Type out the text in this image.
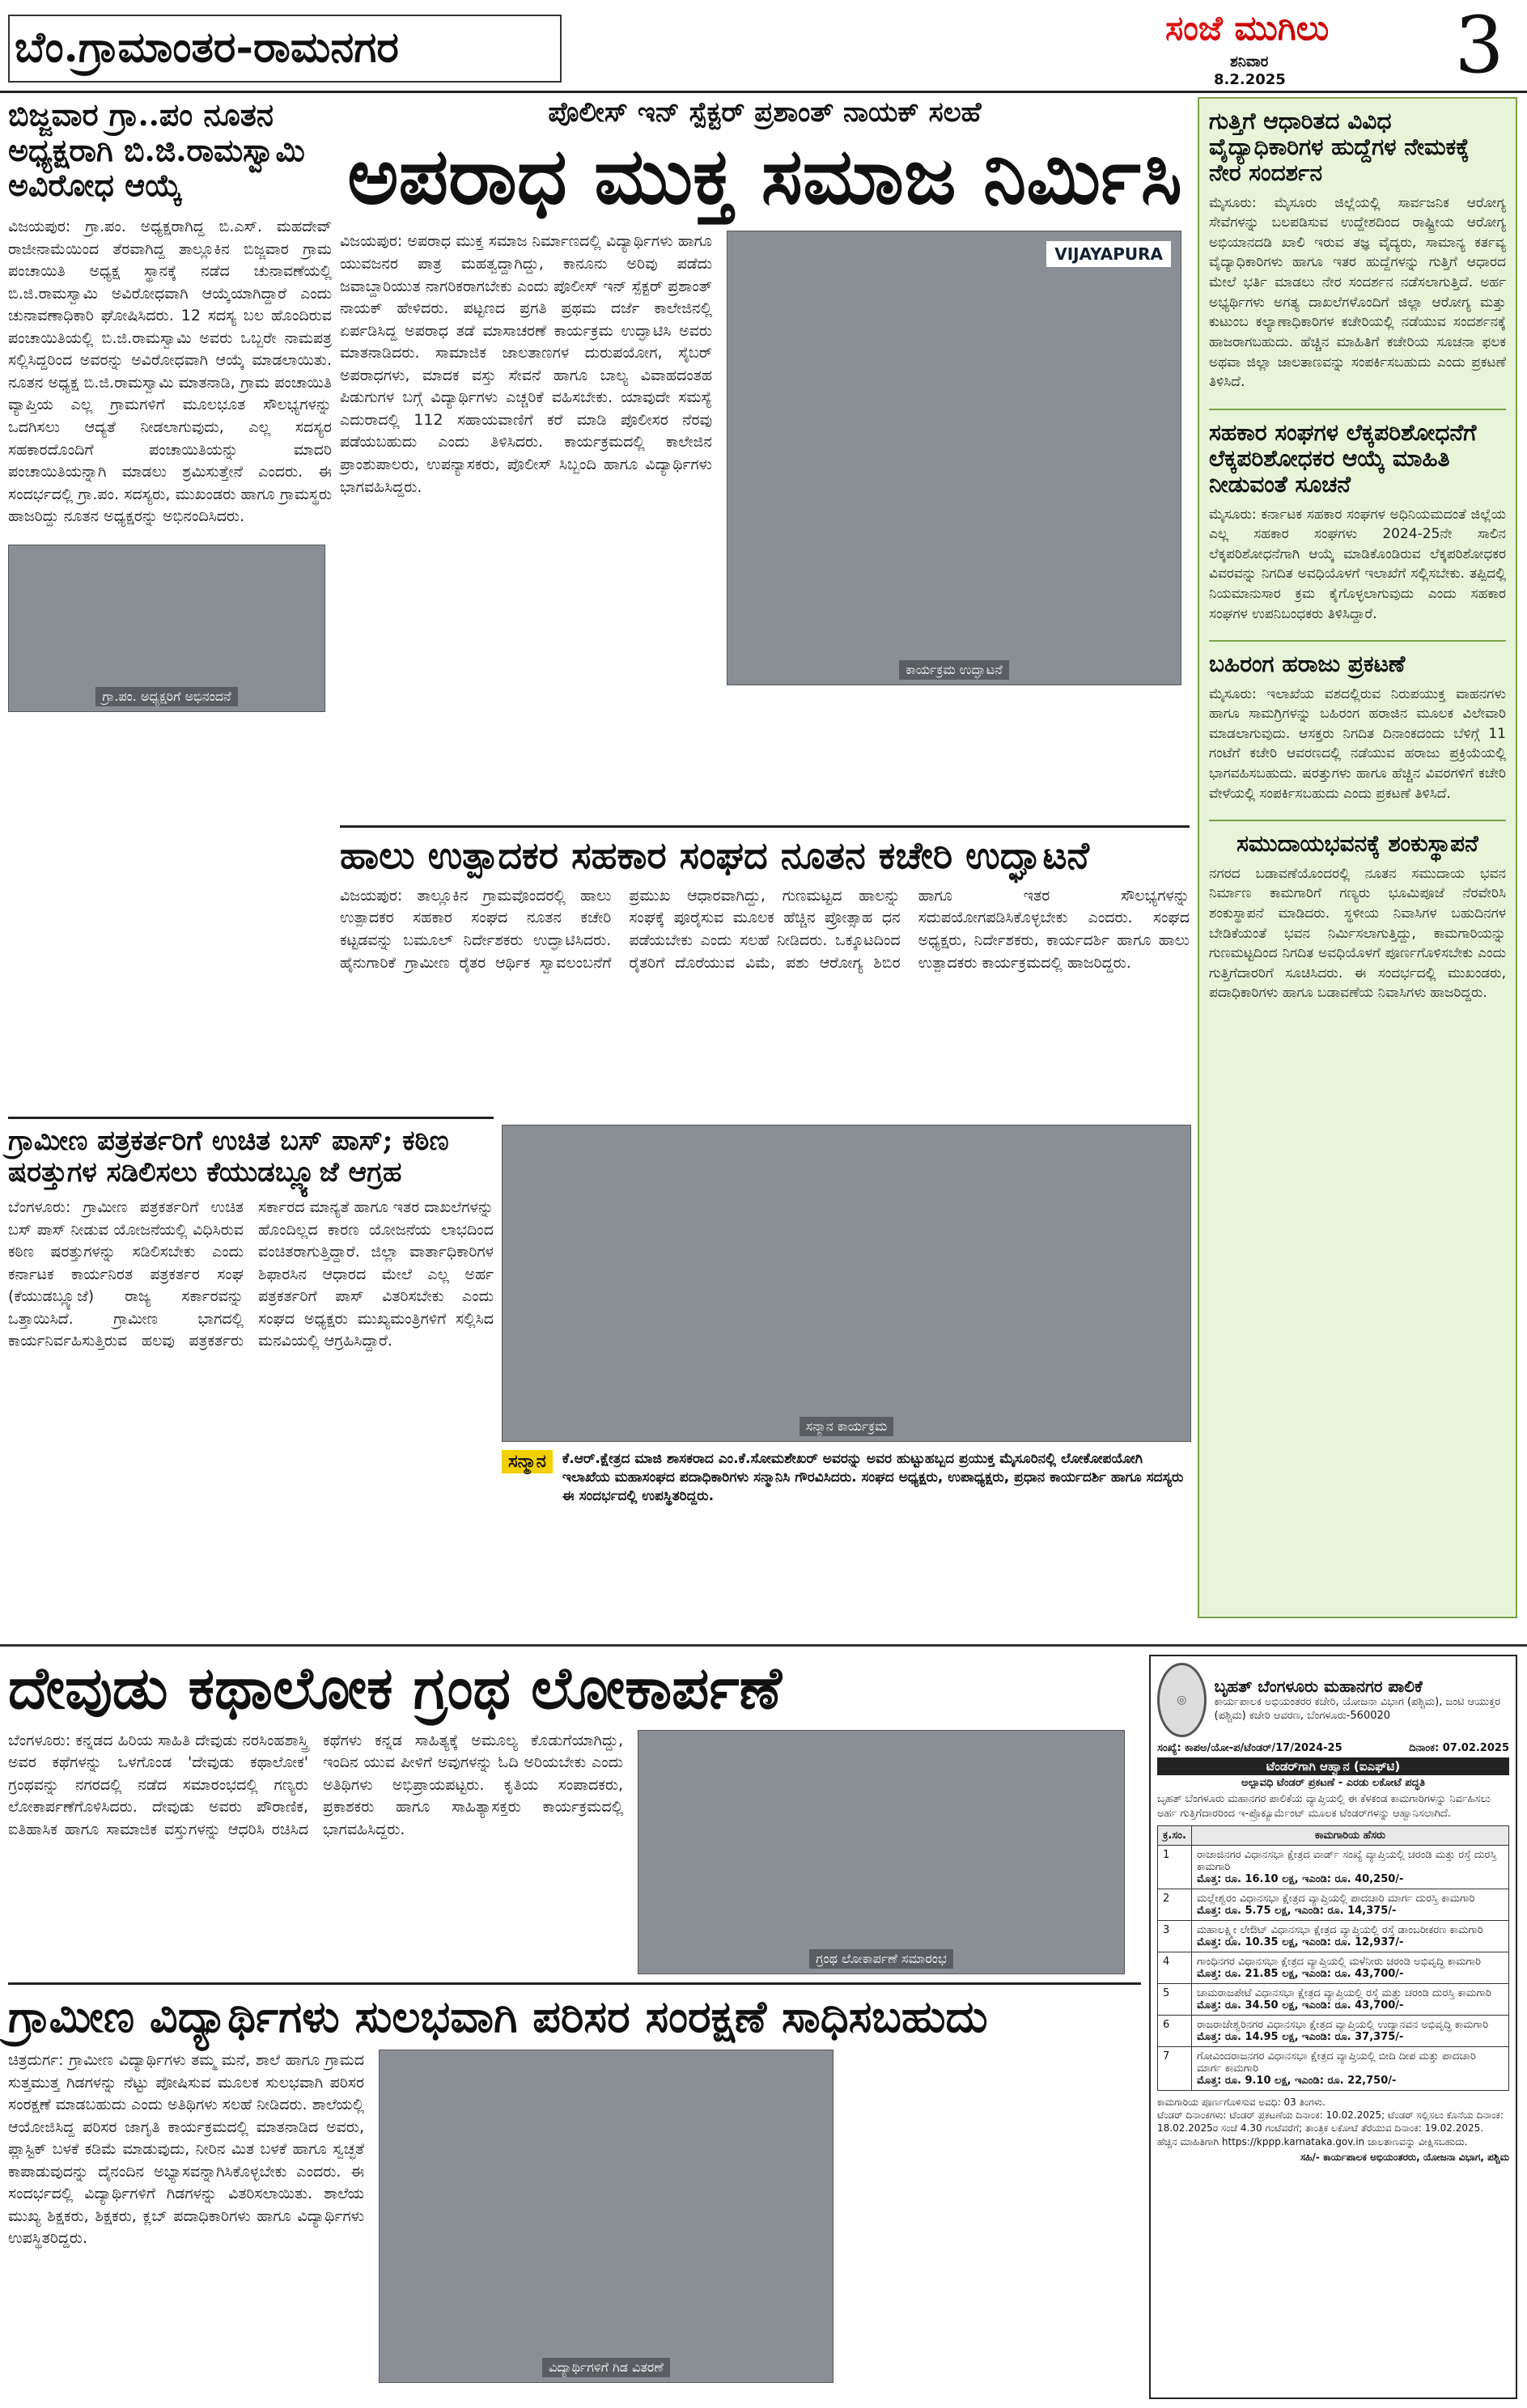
ಬೆಂ.ಗ್ರಾಮಾಂತರ-ರಾಮನಗರ	ಸಂಜೆ ಮುಗಿಲು
ಶನಿವಾರ
8.2.2025 3
ಬಿಜ್ಜವಾರ ಗ್ರಾ..ಪಂ ನೂತನ ಅಧ್ಯಕ್ಷರಾಗಿ ಬಿ.ಜಿ.ರಾಮಸ್ವಾಮಿ ಅವಿರೋಧ ಆಯ್ಕೆ
ವಿಜಯಪುರ: ಗ್ರಾ.ಪಂ. ಅಧ್ಯಕ್ಷರಾಗಿದ್ದ ಬಿ.ಎಸ್. ಮಹದೇವ್ ರಾಜೀನಾಮೆಯಿಂದ ತೆರವಾಗಿದ್ದ ತಾಲ್ಲೂಕಿನ ಬಿಜ್ಜವಾರ ಗ್ರಾಮ ಪಂಚಾಯಿತಿ ಅಧ್ಯಕ್ಷ ಸ್ಥಾನಕ್ಕೆ ನಡೆದ ಚುನಾವಣೆಯಲ್ಲಿ ಬಿ.ಜಿ.ರಾಮಸ್ವಾಮಿ ಅವಿರೋಧವಾಗಿ ಆಯ್ಕೆಯಾಗಿದ್ದಾರೆ ಎಂದು ಚುನಾವಣಾಧಿಕಾರಿ ಘೋಷಿಸಿದರು. 12 ಸದಸ್ಯ ಬಲ ಹೊಂದಿರುವ ಪಂಚಾಯಿತಿಯಲ್ಲಿ ಬಿ.ಜಿ.ರಾಮಸ್ವಾಮಿ ಅವರು ಒಬ್ಬರೇ ನಾಮಪತ್ರ ಸಲ್ಲಿಸಿದ್ದರಿಂದ ಅವರನ್ನು ಅವಿರೋಧವಾಗಿ ಆಯ್ಕೆ ಮಾಡಲಾಯಿತು. ನೂತನ ಅಧ್ಯಕ್ಷ ಬಿ.ಜಿ.ರಾಮಸ್ವಾಮಿ ಮಾತನಾಡಿ, ಗ್ರಾಮ ಪಂಚಾಯಿತಿ ವ್ಯಾಪ್ತಿಯ ಎಲ್ಲ ಗ್ರಾಮಗಳಿಗೆ ಮೂಲಭೂತ ಸೌಲಭ್ಯಗಳನ್ನು ಒದಗಿಸಲು ಆದ್ಯತೆ ನೀಡಲಾಗುವುದು, ಎಲ್ಲ ಸದಸ್ಯರ ಸಹಕಾರದೊಂದಿಗೆ ಪಂಚಾಯಿತಿಯನ್ನು ಮಾದರಿ ಪಂಚಾಯಿತಿಯನ್ನಾಗಿ ಮಾಡಲು ಶ್ರಮಿಸುತ್ತೇನೆ ಎಂದರು. ಈ ಸಂದರ್ಭದಲ್ಲಿ ಗ್ರಾ.ಪಂ. ಸದಸ್ಯರು, ಮುಖಂಡರು ಹಾಗೂ ಗ್ರಾಮಸ್ಥರು ಹಾಜರಿದ್ದು ನೂತನ ಅಧ್ಯಕ್ಷರನ್ನು ಅಭಿನಂದಿಸಿದರು.
ಗ್ರಾ.ಪಂ. ಅಧ್ಯಕ್ಷರಿಗೆ ಅಭಿನಂದನೆ
ಪೊಲೀಸ್ ಇನ್ ಸ್ಪೆಕ್ಟರ್ ಪ್ರಶಾಂತ್ ನಾಯಕ್ ಸಲಹೆ
ಅಪರಾಧ ಮುಕ್ತ ಸಮಾಜ ನಿರ್ಮಿಸಿ
ವಿಜಯಪುರ: ಅಪರಾಧ ಮುಕ್ತ ಸಮಾಜ ನಿರ್ಮಾಣದಲ್ಲಿ ವಿದ್ಯಾರ್ಥಿಗಳು ಹಾಗೂ ಯುವಜನರ ಪಾತ್ರ ಮಹತ್ವದ್ದಾಗಿದ್ದು, ಕಾನೂನು ಅರಿವು ಪಡೆದು ಜವಾಬ್ದಾರಿಯುತ ನಾಗರಿಕರಾಗಬೇಕು ಎಂದು ಪೊಲೀಸ್ ಇನ್ ಸ್ಪೆಕ್ಟರ್ ಪ್ರಶಾಂತ್ ನಾಯಕ್ ಹೇಳಿದರು. ಪಟ್ಟಣದ ಪ್ರಗತಿ ಪ್ರಥಮ ದರ್ಜೆ ಕಾಲೇಜಿನಲ್ಲಿ ಏರ್ಪಡಿಸಿದ್ದ ಅಪರಾಧ ತಡೆ ಮಾಸಾಚರಣೆ ಕಾರ್ಯಕ್ರಮ ಉದ್ಘಾಟಿಸಿ ಅವರು ಮಾತನಾಡಿದರು. ಸಾಮಾಜಿಕ ಜಾಲತಾಣಗಳ ದುರುಪಯೋಗ, ಸೈಬರ್ ಅಪರಾಧಗಳು, ಮಾದಕ ವಸ್ತು ಸೇವನೆ ಹಾಗೂ ಬಾಲ್ಯ ವಿವಾಹದಂತಹ ಪಿಡುಗುಗಳ ಬಗ್ಗೆ ವಿದ್ಯಾರ್ಥಿಗಳು ಎಚ್ಚರಿಕೆ ವಹಿಸಬೇಕು. ಯಾವುದೇ ಸಮಸ್ಯೆ ಎದುರಾದಲ್ಲಿ 112 ಸಹಾಯವಾಣಿಗೆ ಕರೆ ಮಾಡಿ ಪೊಲೀಸರ ನೆರವು ಪಡೆಯಬಹುದು ಎಂದು ತಿಳಿಸಿದರು. ಕಾರ್ಯಕ್ರಮದಲ್ಲಿ ಕಾಲೇಜಿನ ಪ್ರಾಂಶುಪಾಲರು, ಉಪನ್ಯಾಸಕರು, ಪೊಲೀಸ್ ಸಿಬ್ಬಂದಿ ಹಾಗೂ ವಿದ್ಯಾರ್ಥಿಗಳು ಭಾಗವಹಿಸಿದ್ದರು.
VIJAYAPURA
ಕಾರ್ಯಕ್ರಮ ಉದ್ಘಾಟನೆ
ಹಾಲು ಉತ್ಪಾದಕರ ಸಹಕಾರ ಸಂಘದ ನೂತನ ಕಚೇರಿ ಉದ್ಘಾಟನೆ
ವಿಜಯಪುರ: ತಾಲ್ಲೂಕಿನ ಗ್ರಾಮವೊಂದರಲ್ಲಿ ಹಾಲು ಉತ್ಪಾದಕರ ಸಹಕಾರ ಸಂಘದ ನೂತನ ಕಚೇರಿ ಕಟ್ಟಡವನ್ನು ಬಮೂಲ್ ನಿರ್ದೇಶಕರು ಉದ್ಘಾಟಿಸಿದರು. ಹೈನುಗಾರಿಕೆ ಗ್ರಾಮೀಣ ರೈತರ ಆರ್ಥಿಕ ಸ್ವಾವಲಂಬನೆಗೆ ಪ್ರಮುಖ ಆಧಾರವಾಗಿದ್ದು, ಗುಣಮಟ್ಟದ ಹಾಲನ್ನು ಸಂಘಕ್ಕೆ ಪೂರೈಸುವ ಮೂಲಕ ಹೆಚ್ಚಿನ ಪ್ರೋತ್ಸಾಹ ಧನ ಪಡೆಯಬೇಕು ಎಂದು ಸಲಹೆ ನೀಡಿದರು. ಒಕ್ಕೂಟದಿಂದ ರೈತರಿಗೆ ದೊರೆಯುವ ವಿಮೆ, ಪಶು ಆರೋಗ್ಯ ಶಿಬಿರ ಹಾಗೂ ಇತರ ಸೌಲಭ್ಯಗಳನ್ನು ಸದುಪಯೋಗಪಡಿಸಿಕೊಳ್ಳಬೇಕು ಎಂದರು. ಸಂಘದ ಅಧ್ಯಕ್ಷರು, ನಿರ್ದೇಶಕರು, ಕಾರ್ಯದರ್ಶಿ ಹಾಗೂ ಹಾಲು ಉತ್ಪಾದಕರು ಕಾರ್ಯಕ್ರಮದಲ್ಲಿ ಹಾಜರಿದ್ದರು.
ಗ್ರಾಮೀಣ ಪತ್ರಕರ್ತರಿಗೆ ಉಚಿತ ಬಸ್ ಪಾಸ್; ಕಠಿಣ ಷರತ್ತುಗಳ ಸಡಿಲಿಸಲು ಕೆಯುಡಬ್ಲ್ಯೂಜೆ ಆಗ್ರಹ
ಬೆಂಗಳೂರು: ಗ್ರಾಮೀಣ ಪತ್ರಕರ್ತರಿಗೆ ಉಚಿತ ಬಸ್ ಪಾಸ್ ನೀಡುವ ಯೋಜನೆಯಲ್ಲಿ ವಿಧಿಸಿರುವ ಕಠಿಣ ಷರತ್ತುಗಳನ್ನು ಸಡಿಲಿಸಬೇಕು ಎಂದು ಕರ್ನಾಟಕ ಕಾರ್ಯನಿರತ ಪತ್ರಕರ್ತರ ಸಂಘ (ಕೆಯುಡಬ್ಲ್ಯೂಜೆ) ರಾಜ್ಯ ಸರ್ಕಾರವನ್ನು ಒತ್ತಾಯಿಸಿದೆ. ಗ್ರಾಮೀಣ ಭಾಗದಲ್ಲಿ ಕಾರ್ಯನಿರ್ವಹಿಸುತ್ತಿರುವ ಹಲವು ಪತ್ರಕರ್ತರು ಸರ್ಕಾರದ ಮಾನ್ಯತೆ ಹಾಗೂ ಇತರ ದಾಖಲೆಗಳನ್ನು ಹೊಂದಿಲ್ಲದ ಕಾರಣ ಯೋಜನೆಯ ಲಾಭದಿಂದ ವಂಚಿತರಾಗುತ್ತಿದ್ದಾರೆ. ಜಿಲ್ಲಾ ವಾರ್ತಾಧಿಕಾರಿಗಳ ಶಿಫಾರಸಿನ ಆಧಾರದ ಮೇಲೆ ಎಲ್ಲ ಅರ್ಹ ಪತ್ರಕರ್ತರಿಗೆ ಪಾಸ್ ವಿತರಿಸಬೇಕು ಎಂದು ಸಂಘದ ಅಧ್ಯಕ್ಷರು ಮುಖ್ಯಮಂತ್ರಿಗಳಿಗೆ ಸಲ್ಲಿಸಿದ ಮನವಿಯಲ್ಲಿ ಆಗ್ರಹಿಸಿದ್ದಾರೆ.
ಸನ್ಮಾನ ಕಾರ್ಯಕ್ರಮ
ಸನ್ಮಾನ	ಕೆ.ಆರ್.ಕ್ಷೇತ್ರದ ಮಾಜಿ ಶಾಸಕರಾದ ಎಂ.ಕೆ.ಸೋಮಶೇಖರ್ ಅವರನ್ನು ಅವರ ಹುಟ್ಟುಹಬ್ಬದ ಪ್ರಯುಕ್ತ ಮೈಸೂರಿನಲ್ಲಿ ಲೋಕೋಪಯೋಗಿ ಇಲಾಖೆಯ ಮಹಾಸಂಘದ ಪದಾಧಿಕಾರಿಗಳು ಸನ್ಮಾನಿಸಿ ಗೌರವಿಸಿದರು. ಸಂಘದ ಅಧ್ಯಕ್ಷರು, ಉಪಾಧ್ಯಕ್ಷರು, ಪ್ರಧಾನ ಕಾರ್ಯದರ್ಶಿ ಹಾಗೂ ಸದಸ್ಯರು ಈ ಸಂದರ್ಭದಲ್ಲಿ ಉಪಸ್ಥಿತರಿದ್ದರು.
ಗುತ್ತಿಗೆ ಆಧಾರಿತದ ವಿವಿಧ ವೈದ್ಯಾಧಿಕಾರಿಗಳ ಹುದ್ದೆಗಳ ನೇಮಕಕ್ಕೆ ನೇರ ಸಂದರ್ಶನ
ಮೈಸೂರು: ಮೈಸೂರು ಜಿಲ್ಲೆಯಲ್ಲಿ ಸಾರ್ವಜನಿಕ ಆರೋಗ್ಯ ಸೇವೆಗಳನ್ನು ಬಲಪಡಿಸುವ ಉದ್ದೇಶದಿಂದ ರಾಷ್ಟ್ರೀಯ ಆರೋಗ್ಯ ಅಭಿಯಾನದಡಿ ಖಾಲಿ ಇರುವ ತಜ್ಞ ವೈದ್ಯರು, ಸಾಮಾನ್ಯ ಕರ್ತವ್ಯ ವೈದ್ಯಾಧಿಕಾರಿಗಳು ಹಾಗೂ ಇತರ ಹುದ್ದೆಗಳನ್ನು ಗುತ್ತಿಗೆ ಆಧಾರದ ಮೇಲೆ ಭರ್ತಿ ಮಾಡಲು ನೇರ ಸಂದರ್ಶನ ನಡೆಸಲಾಗುತ್ತಿದೆ. ಅರ್ಹ ಅಭ್ಯರ್ಥಿಗಳು ಅಗತ್ಯ ದಾಖಲೆಗಳೊಂದಿಗೆ ಜಿಲ್ಲಾ ಆರೋಗ್ಯ ಮತ್ತು ಕುಟುಂಬ ಕಲ್ಯಾಣಾಧಿಕಾರಿಗಳ ಕಚೇರಿಯಲ್ಲಿ ನಡೆಯುವ ಸಂದರ್ಶನಕ್ಕೆ ಹಾಜರಾಗಬಹುದು. ಹೆಚ್ಚಿನ ಮಾಹಿತಿಗೆ ಕಚೇರಿಯ ಸೂಚನಾ ಫಲಕ ಅಥವಾ ಜಿಲ್ಲಾ ಜಾಲತಾಣವನ್ನು ಸಂಪರ್ಕಿಸಬಹುದು ಎಂದು ಪ್ರಕಟಣೆ ತಿಳಿಸಿದೆ.
ಸಹಕಾರ ಸಂಘಗಳ ಲೆಕ್ಕಪರಿಶೋಧನೆಗೆ ಲೆಕ್ಕಪರಿಶೋಧಕರ ಆಯ್ಕೆ ಮಾಹಿತಿ ನೀಡುವಂತೆ ಸೂಚನೆ
ಮೈಸೂರು: ಕರ್ನಾಟಕ ಸಹಕಾರ ಸಂಘಗಳ ಅಧಿನಿಯಮದಂತೆ ಜಿಲ್ಲೆಯ ಎಲ್ಲ ಸಹಕಾರ ಸಂಘಗಳು 2024-25ನೇ ಸಾಲಿನ ಲೆಕ್ಕಪರಿಶೋಧನೆಗಾಗಿ ಆಯ್ಕೆ ಮಾಡಿಕೊಂಡಿರುವ ಲೆಕ್ಕಪರಿಶೋಧಕರ ವಿವರವನ್ನು ನಿಗದಿತ ಅವಧಿಯೊಳಗೆ ಇಲಾಖೆಗೆ ಸಲ್ಲಿಸಬೇಕು. ತಪ್ಪಿದಲ್ಲಿ ನಿಯಮಾನುಸಾರ ಕ್ರಮ ಕೈಗೊಳ್ಳಲಾಗುವುದು ಎಂದು ಸಹಕಾರ ಸಂಘಗಳ ಉಪನಿಬಂಧಕರು ತಿಳಿಸಿದ್ದಾರೆ.
ಬಹಿರಂಗ ಹರಾಜು ಪ್ರಕಟಣೆ
ಮೈಸೂರು: ಇಲಾಖೆಯ ವಶದಲ್ಲಿರುವ ನಿರುಪಯುಕ್ತ ವಾಹನಗಳು ಹಾಗೂ ಸಾಮಗ್ರಿಗಳನ್ನು ಬಹಿರಂಗ ಹರಾಜಿನ ಮೂಲಕ ವಿಲೇವಾರಿ ಮಾಡಲಾಗುವುದು. ಆಸಕ್ತರು ನಿಗದಿತ ದಿನಾಂಕದಂದು ಬೆಳಿಗ್ಗೆ 11 ಗಂಟೆಗೆ ಕಚೇರಿ ಆವರಣದಲ್ಲಿ ನಡೆಯುವ ಹರಾಜು ಪ್ರಕ್ರಿಯೆಯಲ್ಲಿ ಭಾಗವಹಿಸಬಹುದು. ಷರತ್ತುಗಳು ಹಾಗೂ ಹೆಚ್ಚಿನ ವಿವರಗಳಿಗೆ ಕಚೇರಿ ವೇಳೆಯಲ್ಲಿ ಸಂಪರ್ಕಿಸಬಹುದು ಎಂದು ಪ್ರಕಟಣೆ ತಿಳಿಸಿದೆ.
ಸಮುದಾಯಭವನಕ್ಕೆ ಶಂಕುಸ್ಥಾಪನೆ
ನಗರದ ಬಡಾವಣೆಯೊಂದರಲ್ಲಿ ನೂತನ ಸಮುದಾಯ ಭವನ ನಿರ್ಮಾಣ ಕಾಮಗಾರಿಗೆ ಗಣ್ಯರು ಭೂಮಿಪೂಜೆ ನೆರವೇರಿಸಿ ಶಂಕುಸ್ಥಾಪನೆ ಮಾಡಿದರು. ಸ್ಥಳೀಯ ನಿವಾಸಿಗಳ ಬಹುದಿನಗಳ ಬೇಡಿಕೆಯಂತೆ ಭವನ ನಿರ್ಮಿಸಲಾಗುತ್ತಿದ್ದು, ಕಾಮಗಾರಿಯನ್ನು ಗುಣಮಟ್ಟದಿಂದ ನಿಗದಿತ ಅವಧಿಯೊಳಗೆ ಪೂರ್ಣಗೊಳಿಸಬೇಕು ಎಂದು ಗುತ್ತಿಗೆದಾರರಿಗೆ ಸೂಚಿಸಿದರು. ಈ ಸಂದರ್ಭದಲ್ಲಿ ಮುಖಂಡರು, ಪದಾಧಿಕಾರಿಗಳು ಹಾಗೂ ಬಡಾವಣೆಯ ನಿವಾಸಿಗಳು ಹಾಜರಿದ್ದರು.
ದೇವುಡು ಕಥಾಲೋಕ ಗ್ರಂಥ ಲೋಕಾರ್ಪಣೆ
ಬೆಂಗಳೂರು: ಕನ್ನಡದ ಹಿರಿಯ ಸಾಹಿತಿ ದೇವುಡು ನರಸಿಂಹಶಾಸ್ತ್ರಿ ಅವರ ಕಥೆಗಳನ್ನು ಒಳಗೊಂಡ 'ದೇವುಡು ಕಥಾಲೋಕ' ಗ್ರಂಥವನ್ನು ನಗರದಲ್ಲಿ ನಡೆದ ಸಮಾರಂಭದಲ್ಲಿ ಗಣ್ಯರು ಲೋಕಾರ್ಪಣೆಗೊಳಿಸಿದರು. ದೇವುಡು ಅವರು ಪೌರಾಣಿಕ, ಐತಿಹಾಸಿಕ ಹಾಗೂ ಸಾಮಾಜಿಕ ವಸ್ತುಗಳನ್ನು ಆಧರಿಸಿ ರಚಿಸಿದ ಕಥೆಗಳು ಕನ್ನಡ ಸಾಹಿತ್ಯಕ್ಕೆ ಅಮೂಲ್ಯ ಕೊಡುಗೆಯಾಗಿದ್ದು, ಇಂದಿನ ಯುವ ಪೀಳಿಗೆ ಅವುಗಳನ್ನು ಓದಿ ಅರಿಯಬೇಕು ಎಂದು ಅತಿಥಿಗಳು ಅಭಿಪ್ರಾಯಪಟ್ಟರು. ಕೃತಿಯ ಸಂಪಾದಕರು, ಪ್ರಕಾಶಕರು ಹಾಗೂ ಸಾಹಿತ್ಯಾಸಕ್ತರು ಕಾರ್ಯಕ್ರಮದಲ್ಲಿ ಭಾಗವಹಿಸಿದ್ದರು.
ಗ್ರಂಥ ಲೋಕಾರ್ಪಣೆ ಸಮಾರಂಭ
ಗ್ರಾಮೀಣ ವಿದ್ಯಾರ್ಥಿಗಳು ಸುಲಭವಾಗಿ ಪರಿಸರ ಸಂರಕ್ಷಣೆ ಸಾಧಿಸಬಹುದು
ಚಿತ್ರದುರ್ಗ: ಗ್ರಾಮೀಣ ವಿದ್ಯಾರ್ಥಿಗಳು ತಮ್ಮ ಮನೆ, ಶಾಲೆ ಹಾಗೂ ಗ್ರಾಮದ ಸುತ್ತಮುತ್ತ ಗಿಡಗಳನ್ನು ನೆಟ್ಟು ಪೋಷಿಸುವ ಮೂಲಕ ಸುಲಭವಾಗಿ ಪರಿಸರ ಸಂರಕ್ಷಣೆ ಮಾಡಬಹುದು ಎಂದು ಅತಿಥಿಗಳು ಸಲಹೆ ನೀಡಿದರು. ಶಾಲೆಯಲ್ಲಿ ಆಯೋಜಿಸಿದ್ದ ಪರಿಸರ ಜಾಗೃತಿ ಕಾರ್ಯಕ್ರಮದಲ್ಲಿ ಮಾತನಾಡಿದ ಅವರು, ಪ್ಲಾಸ್ಟಿಕ್ ಬಳಕೆ ಕಡಿಮೆ ಮಾಡುವುದು, ನೀರಿನ ಮಿತ ಬಳಕೆ ಹಾಗೂ ಸ್ವಚ್ಛತೆ ಕಾಪಾಡುವುದನ್ನು ದೈನಂದಿನ ಅಭ್ಯಾಸವನ್ನಾಗಿಸಿಕೊಳ್ಳಬೇಕು ಎಂದರು. ಈ ಸಂದರ್ಭದಲ್ಲಿ ವಿದ್ಯಾರ್ಥಿಗಳಿಗೆ ಗಿಡಗಳನ್ನು ವಿತರಿಸಲಾಯಿತು. ಶಾಲೆಯ ಮುಖ್ಯ ಶಿಕ್ಷಕರು, ಶಿಕ್ಷಕರು, ಕ್ಲಬ್ ಪದಾಧಿಕಾರಿಗಳು ಹಾಗೂ ವಿದ್ಯಾರ್ಥಿಗಳು ಉಪಸ್ಥಿತರಿದ್ದರು.
ವಿದ್ಯಾರ್ಥಿಗಳಿಗೆ ಗಿಡ ವಿತರಣೆ
◎
ಬೃಹತ್ ಬೆಂಗಳೂರು ಮಹಾನಗರ ಪಾಲಿಕೆ
ಕಾರ್ಯಪಾಲಕ ಅಭಿಯಂತರರ ಕಚೇರಿ, ಯೋಜನಾ ವಿಭಾಗ (ಪಶ್ಚಿಮ), ಜಂಟಿ ಆಯುಕ್ತರ (ಪಶ್ಚಿಮ) ಕಚೇರಿ ಆವರಣ, ಬೆಂಗಳೂರು-560020
ಸಂಖ್ಯೆ: ಕಾಪಅ/ಯೋ-ಪ/ಟೆಂಡರ್/17/2024-25	ದಿನಾಂಕ: 07.02.2025
ಟೆಂಡರ್‌ಗಾಗಿ ಆಹ್ವಾನ (ಐಎಫ್‌ಟಿ)
ಅಲ್ಪಾವಧಿ ಟೆಂಡರ್ ಪ್ರಕಟಣೆ - ಎರಡು ಲಕೋಟೆ ಪದ್ಧತಿ
ಬೃಹತ್ ಬೆಂಗಳೂರು ಮಹಾನಗರ ಪಾಲಿಕೆಯ ವ್ಯಾಪ್ತಿಯಲ್ಲಿ ಈ ಕೆಳಕಂಡ ಕಾಮಗಾರಿಗಳನ್ನು ನಿರ್ವಹಿಸಲು ಅರ್ಹ ಗುತ್ತಿಗೆದಾರರಿಂದ ಇ-ಪ್ರೊಕ್ಯೂರ್ಮೆಂಟ್ ಮೂಲಕ ಟೆಂಡರ್‌ಗಳನ್ನು ಆಹ್ವಾನಿಸಲಾಗಿದೆ.
ಕ್ರ.ಸಂ.	ಕಾಮಗಾರಿಯ ಹೆಸರು
1	ರಾಜಾಜಿನಗರ ವಿಧಾನಸಭಾ ಕ್ಷೇತ್ರದ ವಾರ್ಡ್ ಸಂಖ್ಯೆ ವ್ಯಾಪ್ತಿಯಲ್ಲಿ ಚರಂಡಿ ಮತ್ತು ರಸ್ತೆ ದುರಸ್ತಿ ಕಾಮಗಾರಿ
ಮೊತ್ತ: ರೂ. 16.10 ಲಕ್ಷ, ಇಎಂಡಿ: ರೂ. 40,250/-

2	ಮಲ್ಲೇಶ್ವರಂ ವಿಧಾನಸಭಾ ಕ್ಷೇತ್ರದ ವ್ಯಾಪ್ತಿಯಲ್ಲಿ ಪಾದಚಾರಿ ಮಾರ್ಗ ದುರಸ್ತಿ ಕಾಮಗಾರಿ
ಮೊತ್ತ: ರೂ. 5.75 ಲಕ್ಷ, ಇಎಂಡಿ: ರೂ. 14,375/-

3	ಮಹಾಲಕ್ಷ್ಮೀ ಲೇಔಟ್ ವಿಧಾನಸಭಾ ಕ್ಷೇತ್ರದ ವ್ಯಾಪ್ತಿಯಲ್ಲಿ ರಸ್ತೆ ಡಾಂಬರೀಕರಣ ಕಾಮಗಾರಿ
ಮೊತ್ತ: ರೂ. 10.35 ಲಕ್ಷ, ಇಎಂಡಿ: ರೂ. 12,937/-

4	ಗಾಂಧಿನಗರ ವಿಧಾನಸಭಾ ಕ್ಷೇತ್ರದ ವ್ಯಾಪ್ತಿಯಲ್ಲಿ ಮಳೆನೀರು ಚರಂಡಿ ಅಭಿವೃದ್ಧಿ ಕಾಮಗಾರಿ
ಮೊತ್ತ: ರೂ. 21.85 ಲಕ್ಷ, ಇಎಂಡಿ: ರೂ. 43,700/-

5	ಚಾಮರಾಜಪೇಟೆ ವಿಧಾನಸಭಾ ಕ್ಷೇತ್ರದ ವ್ಯಾಪ್ತಿಯಲ್ಲಿ ರಸ್ತೆ ಮತ್ತು ಚರಂಡಿ ದುರಸ್ತಿ ಕಾಮಗಾರಿ
ಮೊತ್ತ: ರೂ. 34.50 ಲಕ್ಷ, ಇಎಂಡಿ: ರೂ. 43,700/-

6	ರಾಜರಾಜೇಶ್ವರಿನಗರ ವಿಧಾನಸಭಾ ಕ್ಷೇತ್ರದ ವ್ಯಾಪ್ತಿಯಲ್ಲಿ ಉದ್ಯಾನವನ ಅಭಿವೃದ್ಧಿ ಕಾಮಗಾರಿ
ಮೊತ್ತ: ರೂ. 14.95 ಲಕ್ಷ, ಇಎಂಡಿ: ರೂ. 37,375/-

7	ಗೋವಿಂದರಾಜನಗರ ವಿಧಾನಸಭಾ ಕ್ಷೇತ್ರದ ವ್ಯಾಪ್ತಿಯಲ್ಲಿ ಬೀದಿ ದೀಪ ಮತ್ತು ಪಾದಚಾರಿ ಮಾರ್ಗ ಕಾಮಗಾರಿ
ಮೊತ್ತ: ರೂ. 9.10 ಲಕ್ಷ, ಇಎಂಡಿ: ರೂ. 22,750/-
ಕಾಮಗಾರಿಯ ಪೂರ್ಣಗೊಳಿಸುವ ಅವಧಿ: 03 ತಿಂಗಳು.
ಟೆಂಡರ್ ದಿನಾಂಕಗಳು: ಟೆಂಡರ್ ಪ್ರಕಟಣೆಯ ದಿನಾಂಕ: 10.02.2025; ಟೆಂಡರ್ ಸಲ್ಲಿಸಲು ಕೊನೆಯ ದಿನಾಂಕ: 18.02.2025ರ ಸಂಜೆ 4.30 ಗಂಟೆವರೆಗೆ; ತಾಂತ್ರಿಕ ಲಕೋಟೆ ತೆರೆಯುವ ದಿನಾಂಕ: 19.02.2025.
ಹೆಚ್ಚಿನ ಮಾಹಿತಿಗಾಗಿ https://kppp.karnataka.gov.in ಜಾಲತಾಣವನ್ನು ವೀಕ್ಷಿಸಬಹುದು.
ಸಹಿ/- ಕಾರ್ಯಪಾಲಕ ಅಭಿಯಂತರರು, ಯೋಜನಾ ವಿಭಾಗ, ಪಶ್ಚಿಮ
